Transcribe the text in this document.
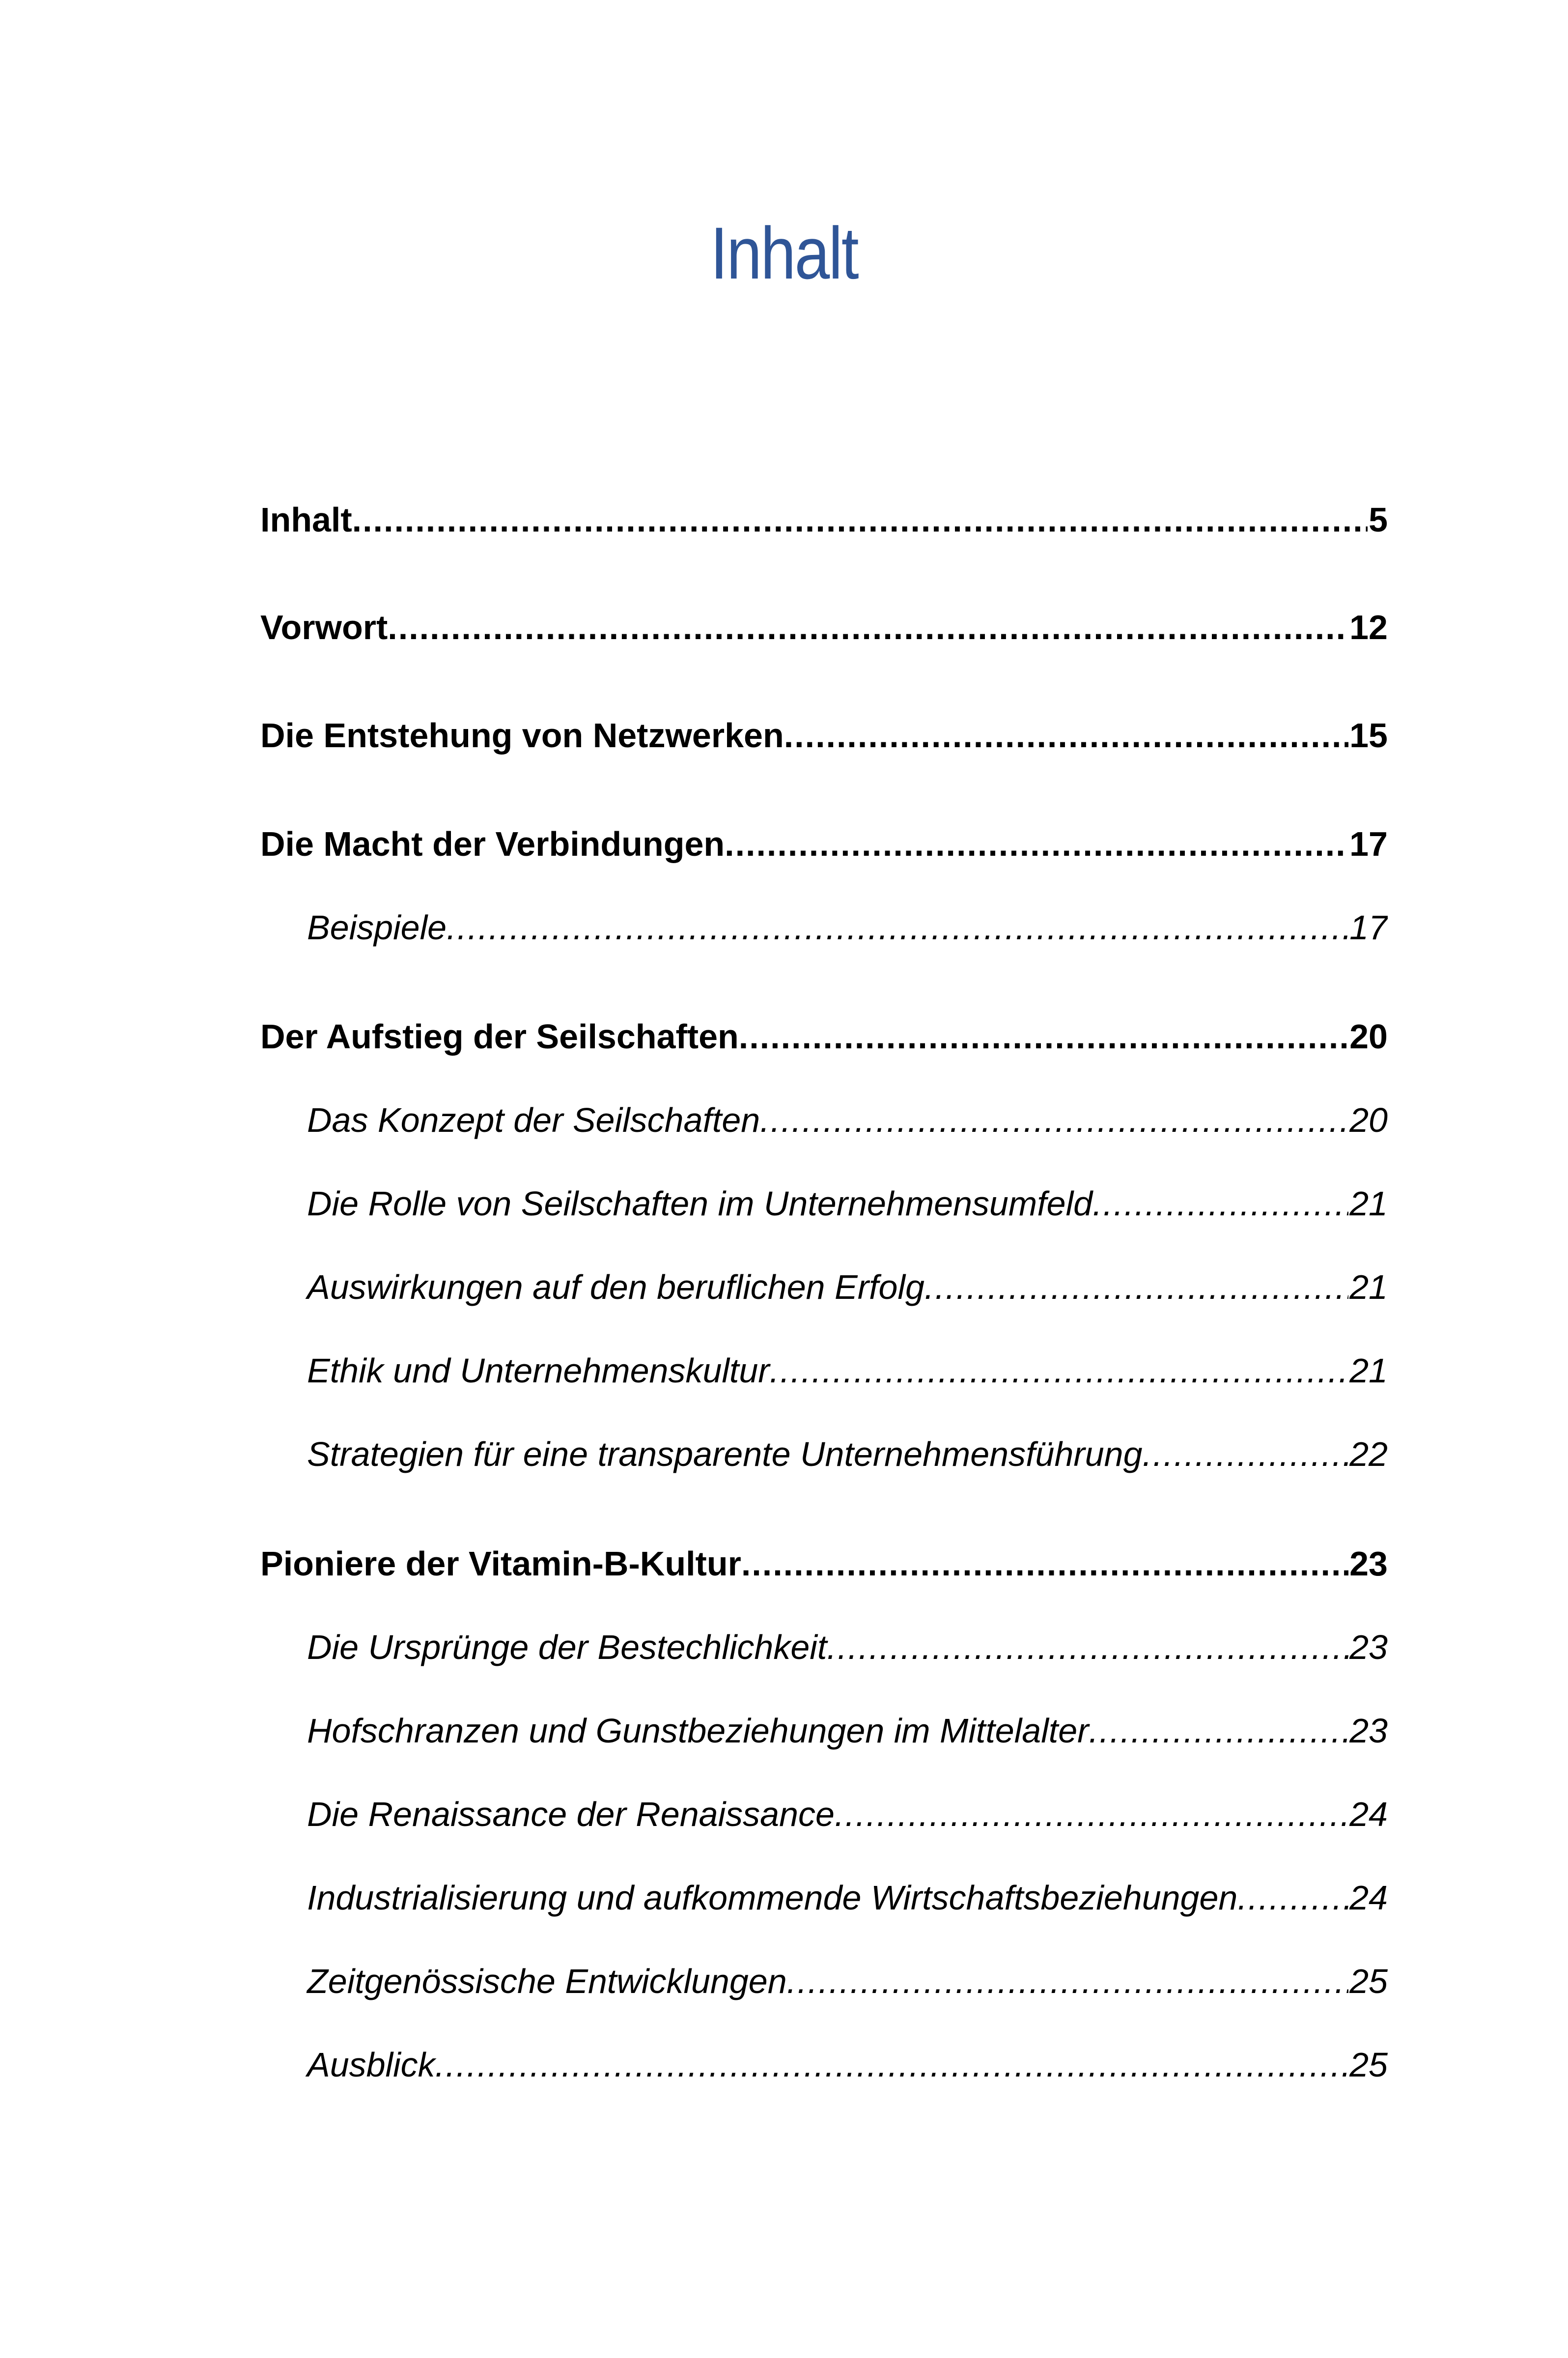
Inhalt
Inhalt .....	5
Vorwort .....	12
Die Entstehung von Netzwerken .....	15
Die Macht der Verbindungen .....	17
Beispiele .....	17
Der Aufstieg der Seilschaften .....	20
Das Konzept der Seilschaften .....	20
Die Rolle von Seilschaften im Unternehmensumfeld .....	21
Auswirkungen auf den beruflichen Erfolg .....	21
Ethik und Unternehmenskultur .....	21
Strategien für eine transparente Unternehmensführung .....	22
Pioniere der Vitamin-B-Kultur .....	23
Die Ursprünge der Bestechlichkeit .....	23
Hofschranzen und Gunstbeziehungen im Mittelalter .....	23
Die Renaissance der Renaissance .....	24
Industrialisierung und aufkommende Wirtschaftsbeziehungen .....	24
Zeitgenössische Entwicklungen .....	25
Ausblick .....	25
